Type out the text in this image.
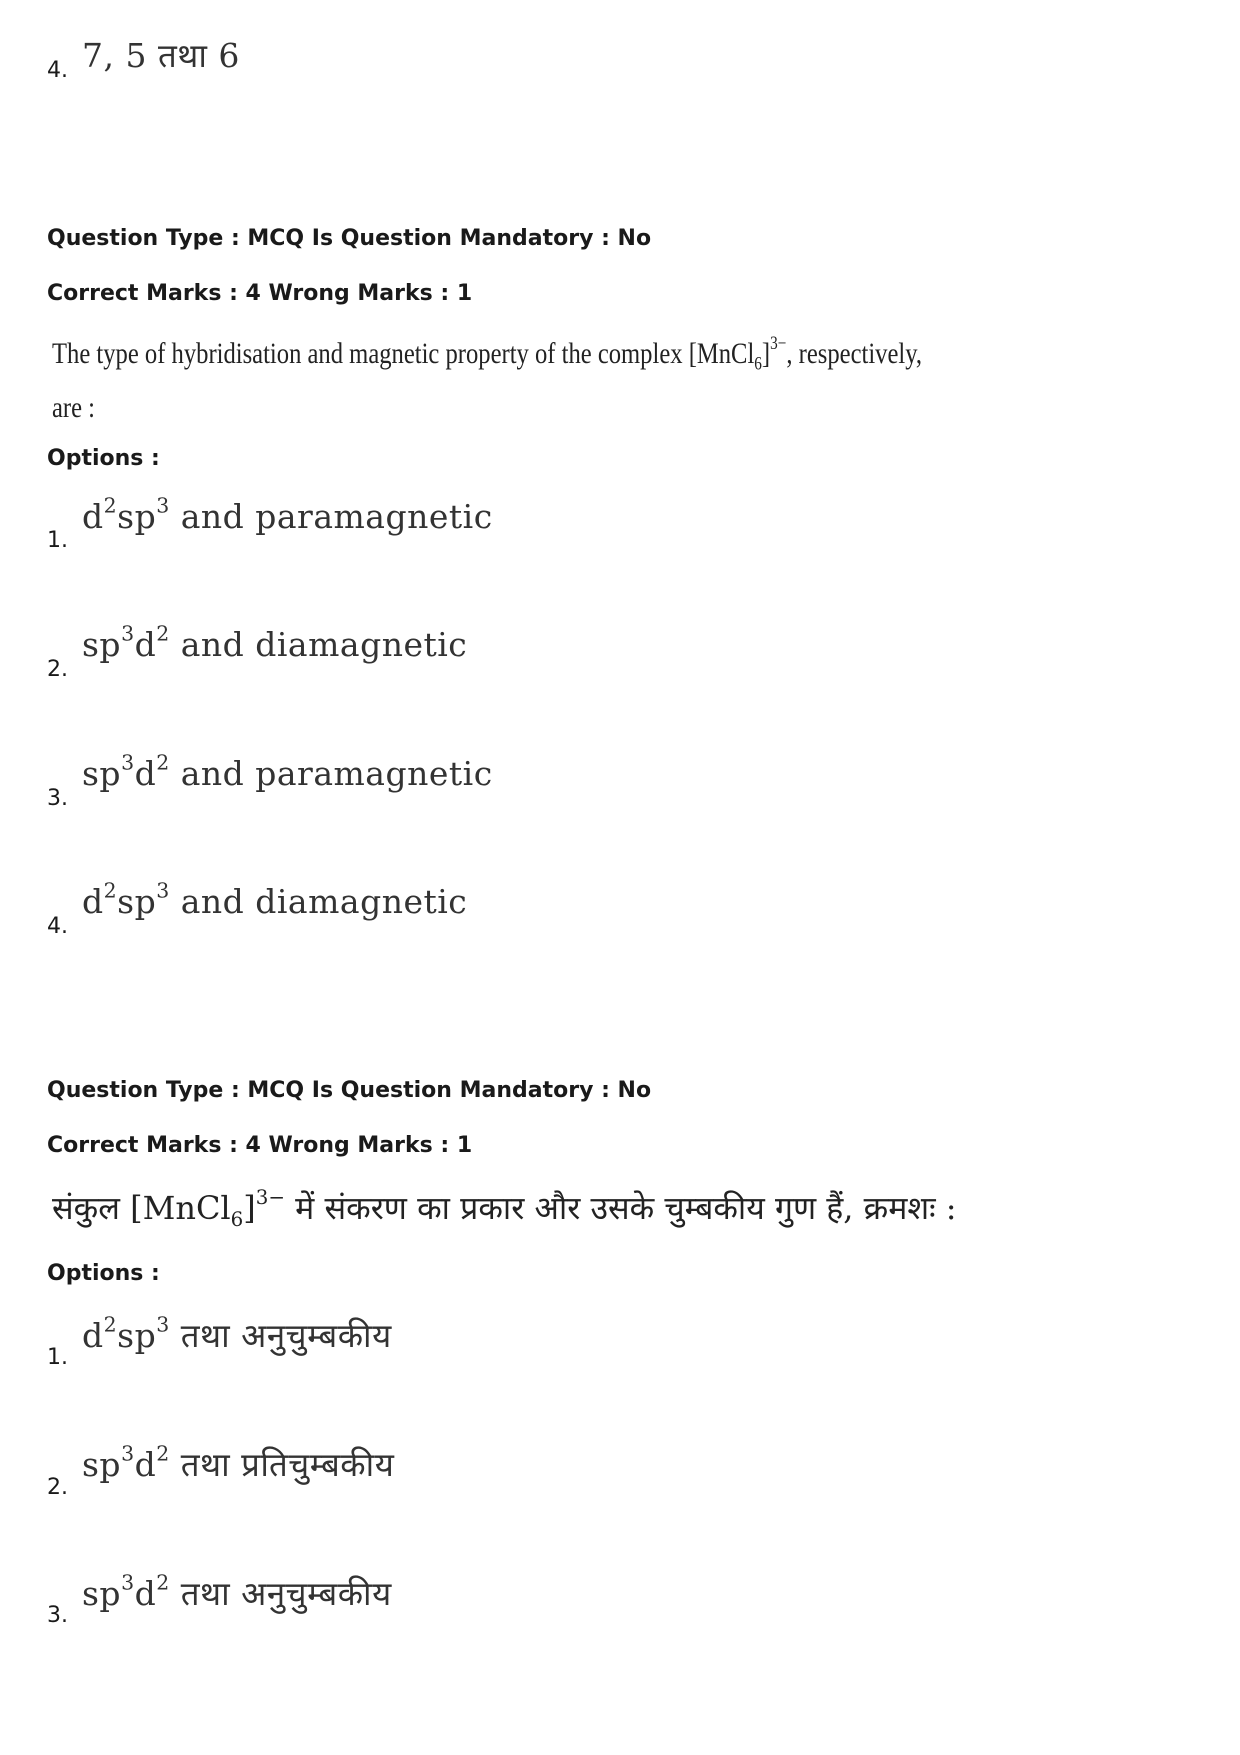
4. 7, 5 तथा 6
Question Type : MCQ Is Question Mandatory : No
Correct Marks : 4 Wrong Marks : 1
The type of hybridisation and magnetic property of the complex [MnCl$_6$]$^{3-}$, respectively,
are :
Options :
1.
$d^2sp^3$ and paramagnetic
2.
$sp^3d^2$ and diamagnetic
3.
$sp^3d^2$ and paramagnetic
4.
$d^2sp^3$ and diamagnetic
Question Type : MCQ Is Question Mandatory : No
Correct Marks : 4 Wrong Marks : 1
संकुल [MnCl$_6$]$^{3-}$ में संकरण का प्रकार और उसके चुम्बकीय गुण हैं, क्रमशः :
Options :
1.
$d^2sp^3$ तथा अनुचुम्बकीय
2.
$sp^3d^2$ तथा प्रतिचुम्बकीय
3.
$sp^3d^2$ तथा अनुचुम्बकीय
